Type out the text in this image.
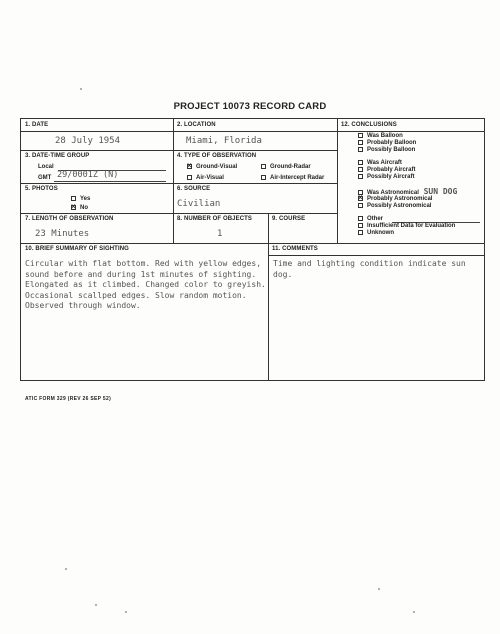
PROJECT 10073 RECORD CARD
1. DATE
28 July 1954
2. LOCATION
Miami, Florida
3. DATE-TIME GROUP
Local
GMT 29/0001Z (N)
4. TYPE OF OBSERVATION
×Ground-Visual	Ground-Radar
Air-Visual	Air-Intercept Radar
5. PHOTOS
Yes
×No
6. SOURCE
Civilian
7. LENGTH OF OBSERVATION
23 Minutes
8. NUMBER OF OBJECTS
1
9. COURSE
12. CONCLUSIONS
Was Balloon
Probably Balloon
Possibly Balloon
Was Aircraft
Probably Aircraft
Possibly Aircraft
Was Astronomical SUN DOG
×Probably Astronomical
Possibly Astronomical
Other
Insufficient Data for Evaluation
Unknown
10. BRIEF SUMMARY OF SIGHTING
Circular with flat bottom. Red with yellow edges, sound before and during 1st minutes of sighting. Elongated as it climbed. Changed color to greyish. Occasional scallped edges. Slow random motion. Observed through window.
11. COMMENTS
Time and lighting condition indicate sun dog.
ATIC FORM 329 (REV 26 SEP 52)
